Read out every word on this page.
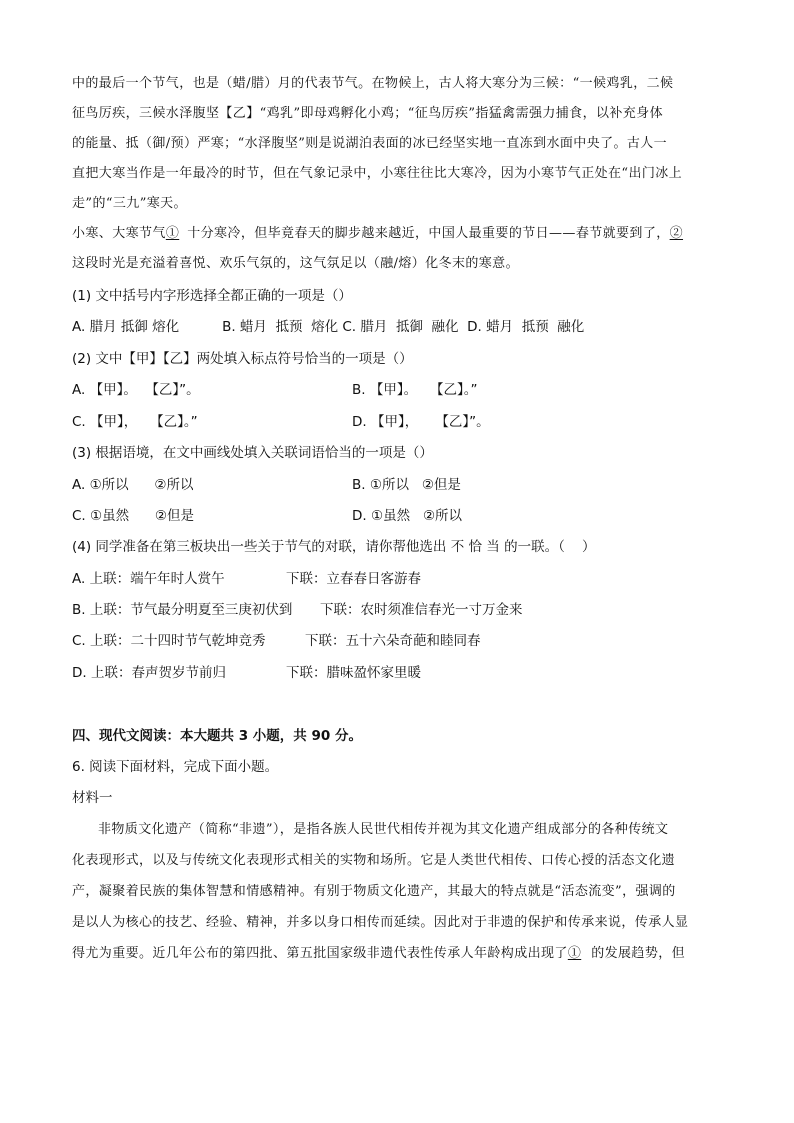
中的最后一个节气，也是（蜡/腊）月的代表节气。在物候上，古人将大寒分为三候：“一候鸡乳，二候
征鸟厉疾，三候水泽腹坚【乙】“鸡乳”即母鸡孵化小鸡；“征鸟厉疾”指猛禽需强力捕食，以补充身体
的能量、抵（御/预）严寒；“水泽腹坚”则是说湖泊表面的冰已经坚实地一直冻到水面中央了。古人一
直把大寒当作是一年最冷的时节，但在气象记录中，小寒往往比大寒冷，因为小寒节气正处在“出门冰上
走”的“三九”寒天。
小寒、大寒节气① 十分寒冷，但毕竟春天的脚步越来越近，中国人最重要的节日——春节就要到了，②
这段时光是充溢着喜悦、欢乐气氛的，这气氛足以（融/熔）化冬末的寒意。
(1) 文中括号内字形选择全都正确的一项是（）
A. 腊月 抵御 熔化          B. 蜡月  抵预  熔化 C. 腊月  抵御  融化  D. 蜡月  抵预  融化
(2) 文中【甲】【乙】两处填入标点符号恰当的一项是（）
A. 【甲】。  【乙】”。	B. 【甲】。   【乙】。”
C. 【甲】，   【乙】。”	D. 【甲】，    【乙】”。
(3) 根据语境，在文中画线处填入关联词语恰当的一项是（）
A. ①所以      ②所以	B. ①所以   ②但是
C. ①虽然      ②但是	D. ①虽然   ②所以
(4) 同学准备在第三板块出一些关于节气的对联，请你帮他选出 不 恰 当 的一联。（    ）
A. 上联：端午年时人赏午	下联：立春春日客游春
B. 上联：节气最分明夏至三庚初伏到 下联：农时须准信春光一寸万金来
C. 上联：二十四时节气乾坤竞秀	下联：五十六朵奇葩和睦同春
D. 上联：春声贺岁节前归	下联：腊味盈怀家里暖
四、现代文阅读：本大题共 3 小题，共 90 分。
6. 阅读下面材料，完成下面小题。
材料一
非物质文化遗产（简称“非遗”），是指各族人民世代相传并视为其文化遗产组成部分的各种传统文
化表现形式，以及与传统文化表现形式相关的实物和场所。它是人类世代相传、口传心授的活态文化遗
产，凝聚着民族的集体智慧和情感精神。有别于物质文化遗产，其最大的特点就是“活态流变”，强调的
是以人为核心的技艺、经验、精神，并多以身口相传而延续。因此对于非遗的保护和传承来说，传承人显
得尤为重要。近几年公布的第四批、第五批国家级非遗代表性传承人年龄构成出现了① 的发展趋势，但
